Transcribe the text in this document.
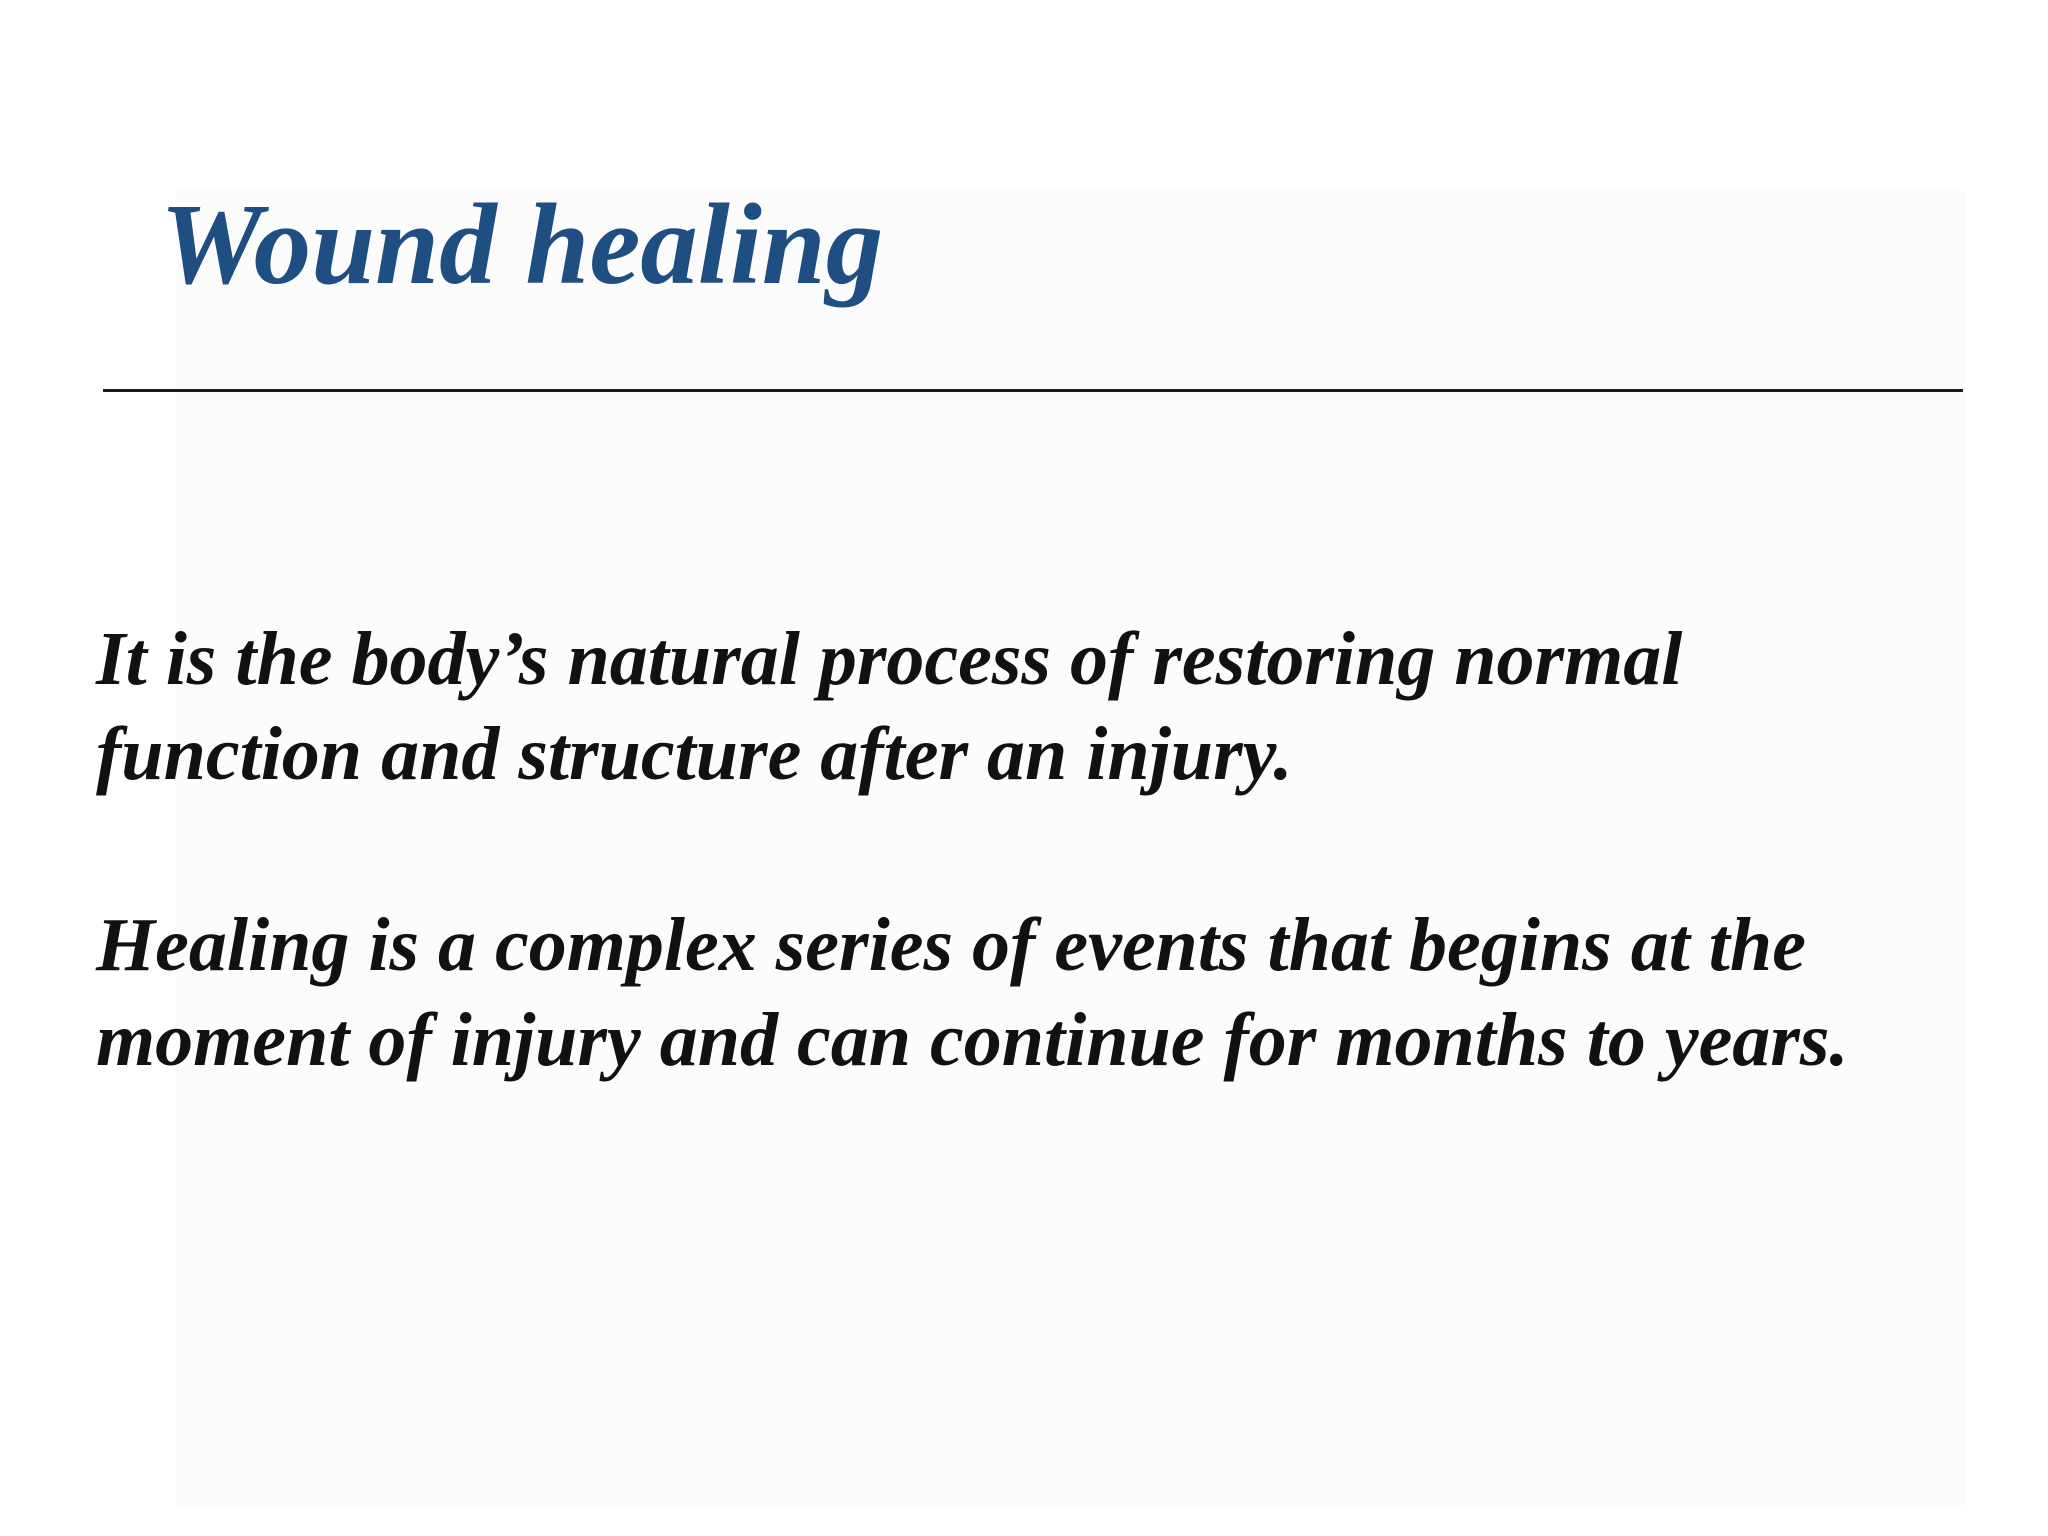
Wound healing

It is the body’s natural process of restoring normal
function and structure after an injury.

Healing is a complex series of events that begins at the
moment of injury and can continue for months to years.
